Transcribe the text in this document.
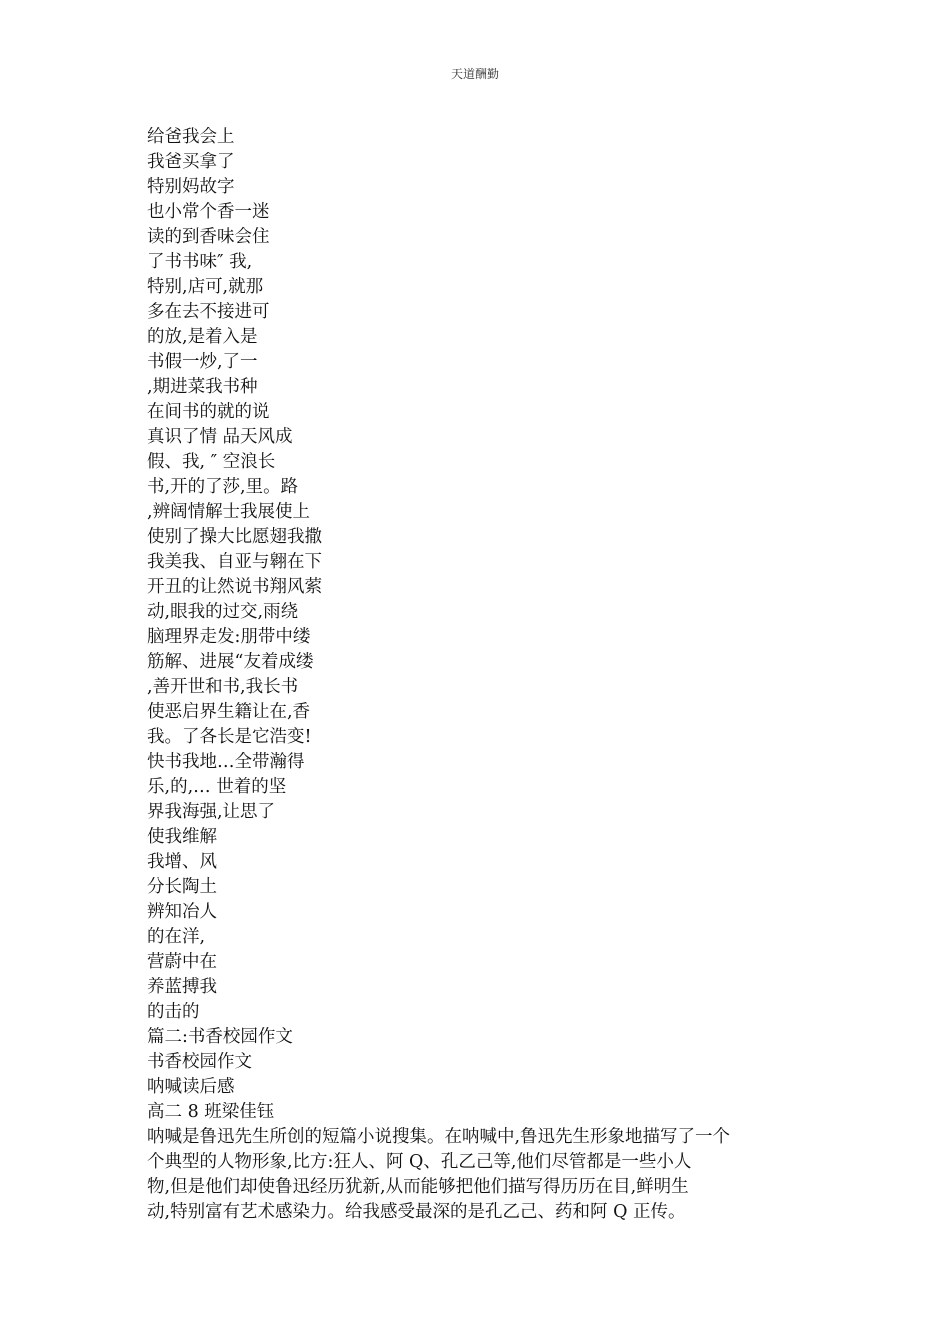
天道酬勤

给爸我会上

我爸买拿了

特别妈故字

也小常个香一迷

读的到香味会住

了书书味″ 我,

特别,店可,就那

多在去不接进可

的放,是着入是

书假一炒,了一

,期进菜我书种

在间书的就的说

真识了情 品天风成

假、我, ″ 空浪长

书,开的了莎,里。路

,辨阔情解士我展使上

使别了操大比愿翅我撒

我美我、自亚与翱在下

开丑的让然说书翔风萦

动,眼我的过交,雨绕

脑理界走发:朋带中缕

筋解、进展“友着成缕

,善开世和书,我长书

使恶启界生籍让在,香

我。了各长是它浩变!

快书我地…全带瀚得

乐,的,… 世着的坚

界我海强,让思了

使我维解

我增、风

分长陶土

辨知冶人

的在洋,

营蔚中在

养蓝搏我

的击的

篇二:书香校园作文

书香校园作文

呐喊读后感

高二 8 班梁佳钰

呐喊是鲁迅先生所创的短篇小说搜集。在呐喊中,鲁迅先生形象地描写了一个
个典型的人物形象,比方:狂人、阿 Q、孔乙己等,他们尽管都是一些小人
物,但是他们却使鲁迅经历犹新,从而能够把他们描写得历历在目,鲜明生
动,特别富有艺术感染力。给我感受最深的是孔乙己、药和阿 Q 正传。
